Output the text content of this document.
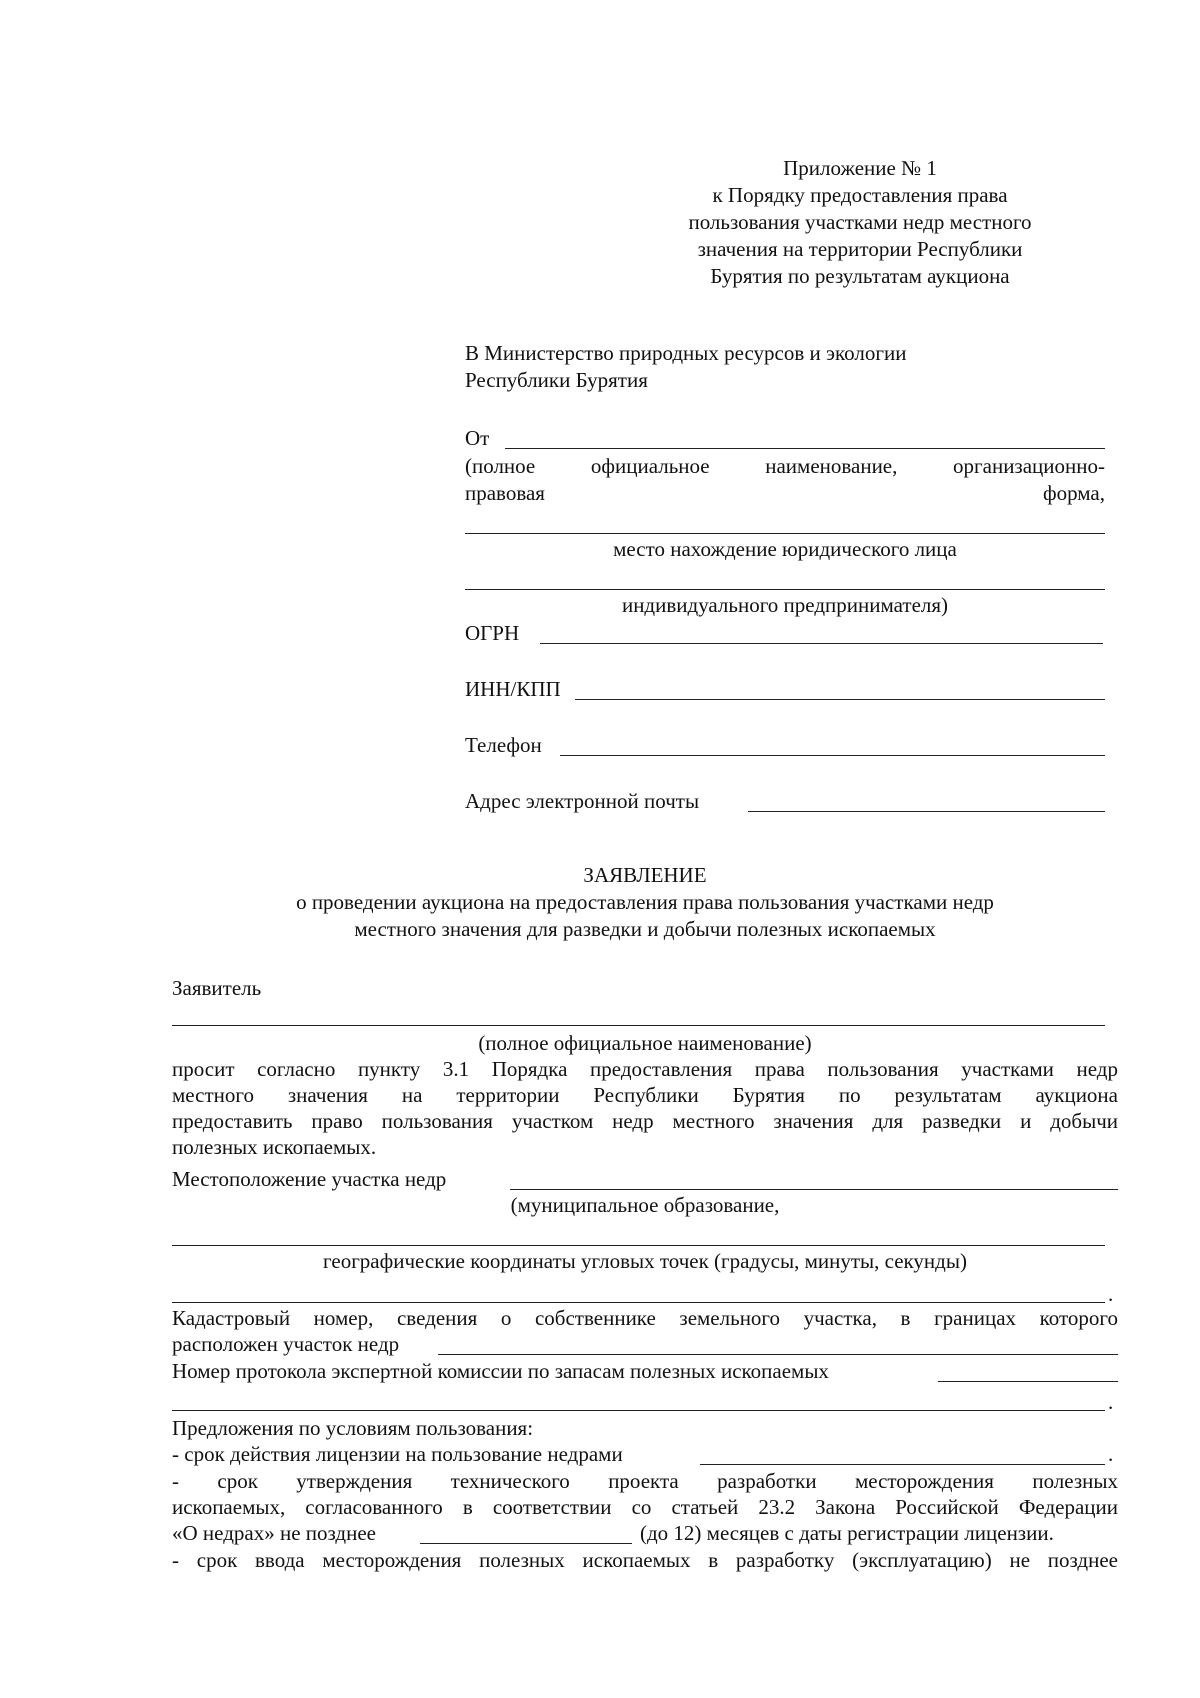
Приложение № 1
к Порядку предоставления права
пользования участками недр местного
значения на территории Республики
Бурятия по результатам аукциона
В Министерство природных ресурсов и экологии
Республики Бурятия
От
(полное официальное наименование, организационно-
правовая	форма,
место нахождение юридического лица
индивидуального предпринимателя)
ОГРН
ИНН/КПП
Телефон
Адрес электронной почты
ЗАЯВЛЕНИЕ
о проведении аукциона на предоставления права пользования участками недр
местного значения для разведки и добычи полезных ископаемых
Заявитель
(полное официальное наименование)
просит согласно пункту 3.1 Порядка предоставления права пользования участками недр
местного значения на территории Республики Бурятия по результатам аукциона
предоставить право пользования участком недр местного значения для разведки и добычи
полезных ископаемых.
Местоположение участка недр
(муниципальное образование,
географические координаты угловых точек (градусы, минуты, секунды)
.
Кадастровый номер, сведения о собственнике земельного участка, в границах которого
расположен участок недр
Номер протокола экспертной комиссии по запасам полезных ископаемых
.
Предложения по условиям пользования:
- срок действия лицензии на пользование недрами	.
- срок утверждения технического проекта разработки месторождения полезных
ископаемых, согласованного в соответствии со статьей 23.2 Закона Российской Федерации
«О недрах» не позднее	(до 12) месяцев с даты регистрации лицензии.
- срок ввода месторождения полезных ископаемых в разработку (эксплуатацию) не позднее
